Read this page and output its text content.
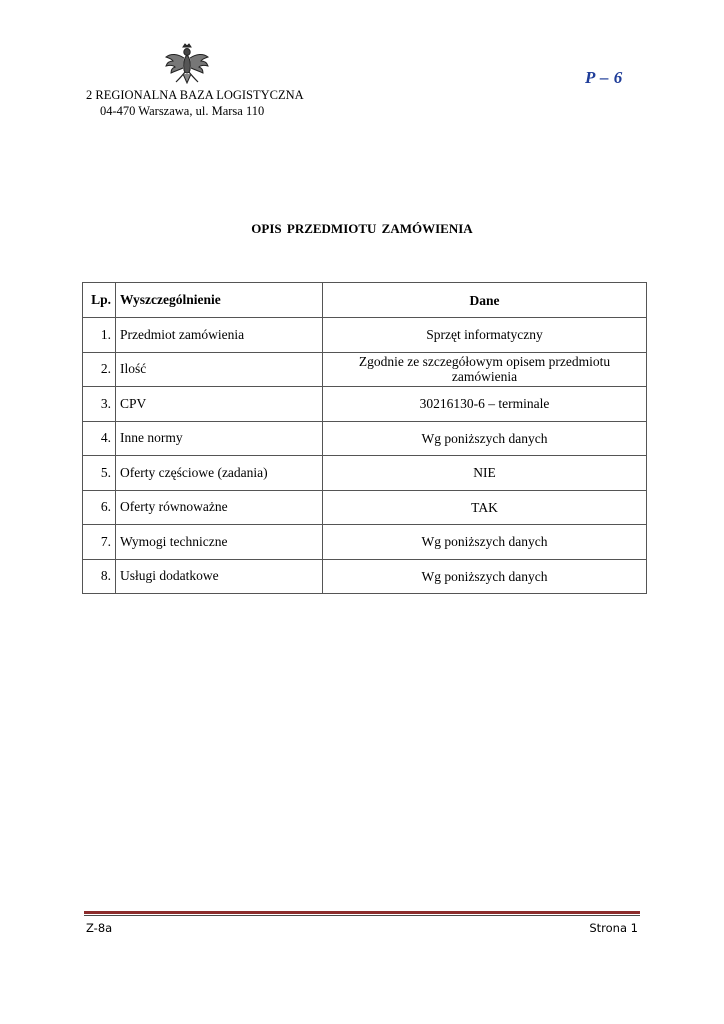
2 REGIONALNA BAZA LOGISTYCZNA
04-470 Warszawa, ul. Marsa 110
P – 6
OPIS PRZEDMIOTU ZAMÓWIENIA
Lp.	Wyszczególnienie	Dane
1.	Przedmiot zamówienia	Sprzęt informatyczny
2.	Ilość	Zgodnie ze szczegółowym opisem przedmiotu zamówienia
3.	CPV	30216130-6 – terminale
4.	Inne normy	Wg poniższych danych
5.	Oferty częściowe (zadania)	NIE
6.	Oferty równoważne	TAK
7.	Wymogi techniczne	Wg poniższych danych
8.	Usługi dodatkowe	Wg poniższych danych
Z-8a	Strona 1
